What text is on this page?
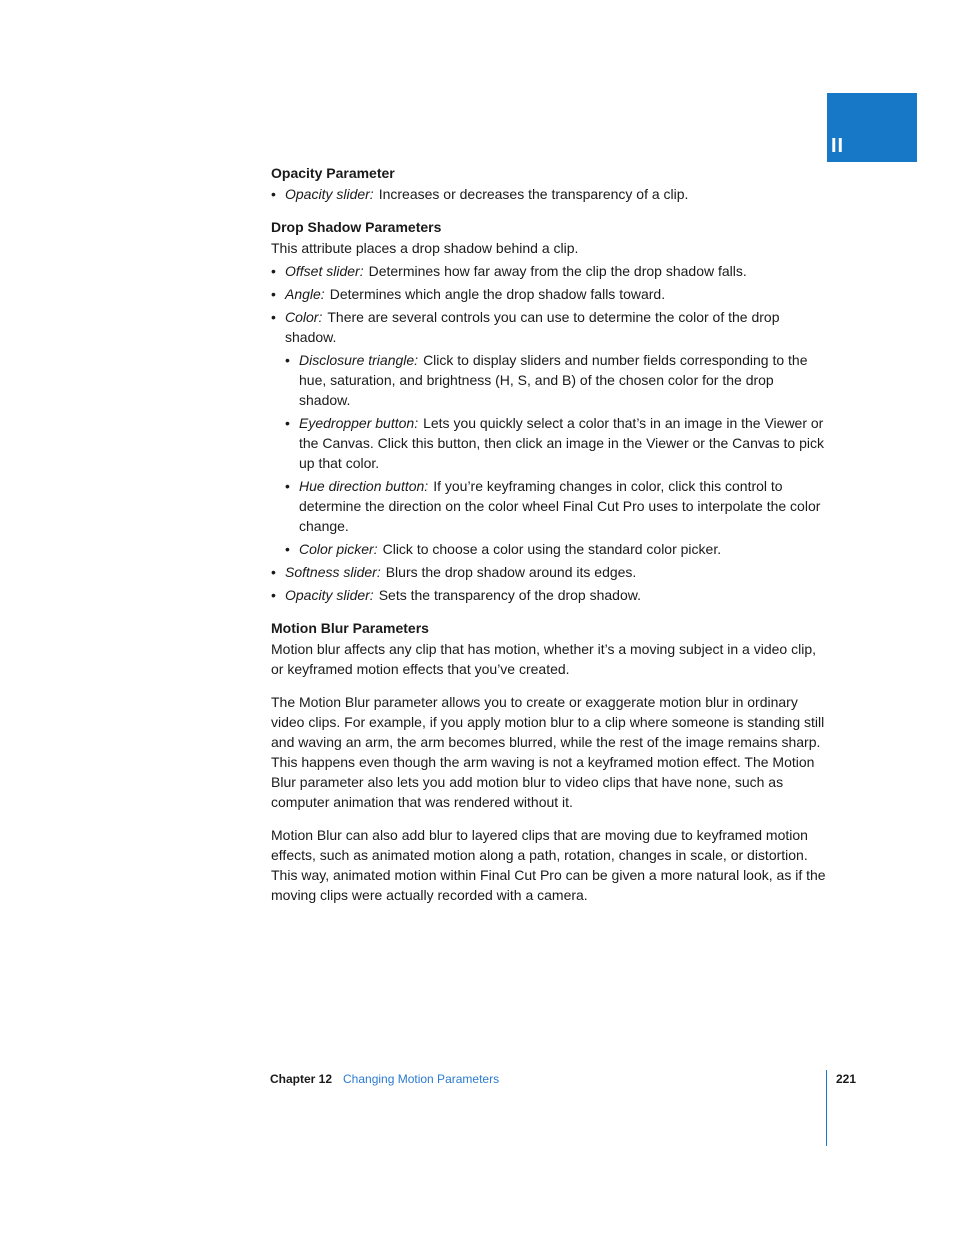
II
Opacity Parameter
• Opacity slider: Increases or decreases the transparency of a clip.
Drop Shadow Parameters

This attribute places a drop shadow behind a clip.

• Offset slider: Determines how far away from the clip the drop shadow falls.
• Angle: Determines which angle the drop shadow falls toward.
• Color: There are several controls you can use to determine the color of the drop shadow.
• Disclosure triangle: Click to display sliders and number fields corresponding to the hue, saturation, and brightness (H, S, and B) of the chosen color for the drop shadow.
• Eyedropper button: Lets you quickly select a color that’s in an image in the Viewer or the Canvas. Click this button, then click an image in the Viewer or the Canvas to pick up that color.
• Hue direction button: If you’re keyframing changes in color, click this control to determine the direction on the color wheel Final Cut Pro uses to interpolate the color change.
• Color picker: Click to choose a color using the standard color picker.
• Softness slider: Blurs the drop shadow around its edges.
• Opacity slider: Sets the transparency of the drop shadow.
Motion Blur Parameters

Motion blur affects any clip that has motion, whether it’s a moving subject in a video clip, or keyframed motion effects that you’ve created.

The Motion Blur parameter allows you to create or exaggerate motion blur in ordinary video clips. For example, if you apply motion blur to a clip where someone is standing still and waving an arm, the arm becomes blurred, while the rest of the image remains sharp. This happens even though the arm waving is not a keyframed motion effect. The Motion Blur parameter also lets you add motion blur to video clips that have none, such as computer animation that was rendered without it.

Motion Blur can also add blur to layered clips that are moving due to keyframed motion effects, such as animated motion along a path, rotation, changes in scale, or distortion. This way, animated motion within Final Cut Pro can be given a more natural look, as if the moving clips were actually recorded with a camera.

Chapter 12 Changing Motion Parameters	221
